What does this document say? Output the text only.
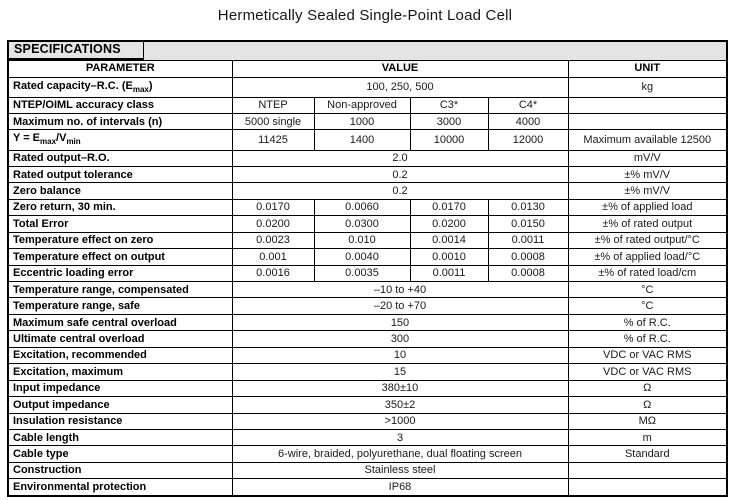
Hermetically Sealed Single-Point Load Cell
SPECIFICATIONS					

PARAMETER	VALUE				UNIT
Rated capacity–R.C. $(E_{max})$	100, 250, 500				kg
NTEP/OIML accuracy class	NTEP	Non-approved	C3*	C4*	
Maximum no. of intervals (n)	5000 single	1000	3000	4000	
$Y = E_{max}/V_{min}$	11425	1400	10000	12000	Maximum available 12500
Rated output–R.O.	2.0				mV/V
Rated output tolerance	0.2				±% mV/V
Zero balance	0.2				±% mV/V
Zero return, 30 min.	0.0170	0.0060	0.0170	0.0130	±% of applied load
Total Error	0.0200	0.0300	0.0200	0.0150	±% of rated output
Temperature effect on zero	0.0023	0.010	0.0014	0.0011	±% of rated output/°C
Temperature effect on output	0.001	0.0040	0.0010	0.0008	±% of applied load/°C
Eccentric loading error	0.0016	0.0035	0.0011	0.0008	±% of rated load/cm
Temperature range, compensated	–10 to +40				°C
Temperature range, safe	–20 to +70				°C
Maximum safe central overload	150				% of R.C.
Ultimate central overload	300				% of R.C.
Excitation, recommended	10				VDC or VAC RMS
Excitation, maximum	15				VDC or VAC RMS
Input impedance	380±10				Ω
Output impedance	350±2				Ω
Insulation resistance	>1000				MΩ
Cable length	3				m
Cable type	6-wire, braided, polyurethane, dual floating screen				Standard
Construction	Stainless steel				
Environmental protection	IP68				
